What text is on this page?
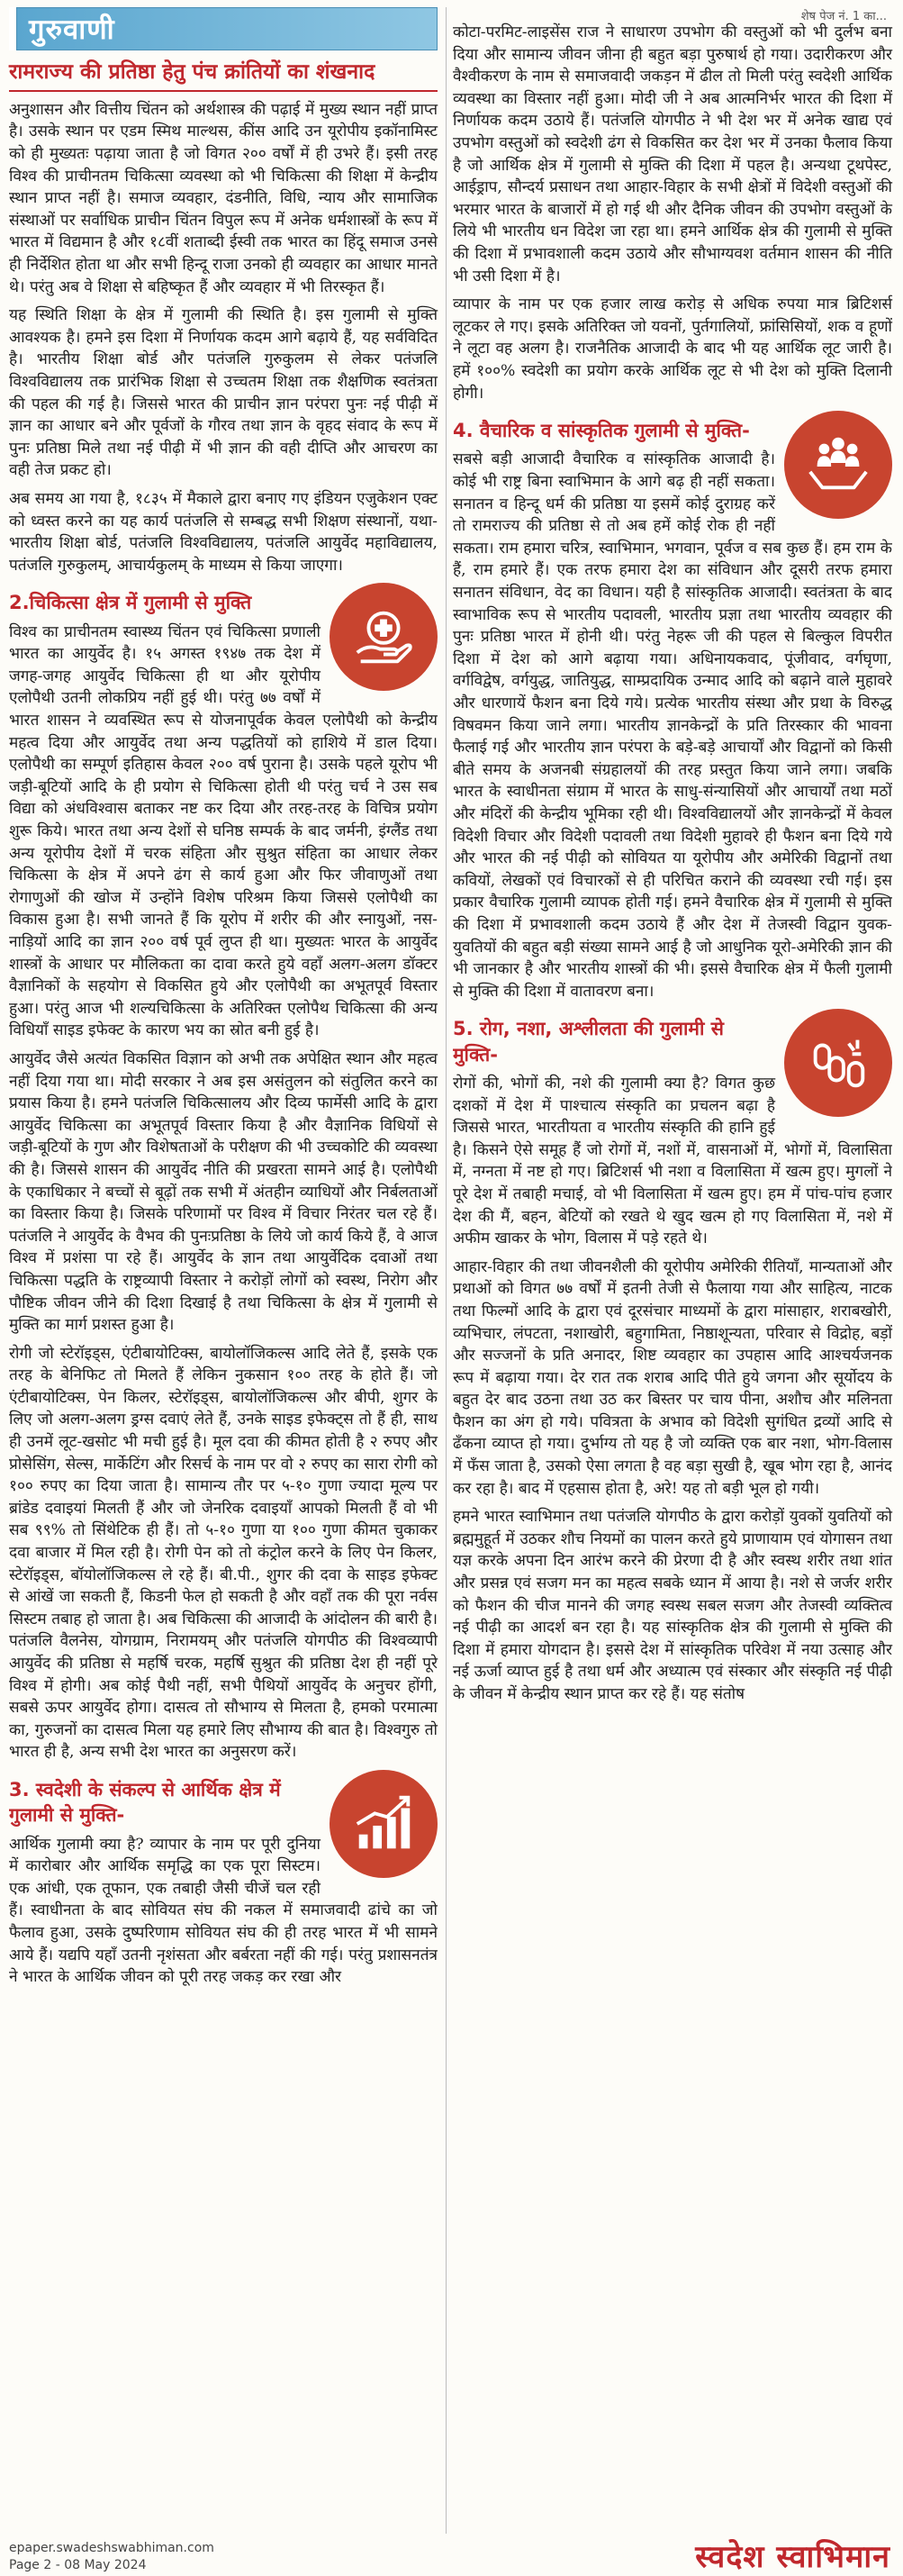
गुरुवाणी
रामराज्य की प्रतिष्ठा हेतु पंच क्रांतियों का शंखनाद

अनुशासन और वित्तीय चिंतन को अर्थशास्त्र की पढ़ाई में मुख्य स्थान नहीं प्राप्त है। उसके स्थान पर एडम स्मिथ माल्थस, कींस आदि उन यूरोपीय इकॉनामिस्ट को ही मुख्यतः पढ़ाया जाता है जो विगत २०० वर्षों में ही उभरे हैं। इसी तरह विश्व की प्राचीनतम चिकित्सा व्यवस्था को भी चिकित्सा की शिक्षा में केन्द्रीय स्थान प्राप्त नहीं है। समाज व्यवहार, दंडनीति, विधि, न्याय और सामाजिक संस्थाओं पर सर्वाधिक प्राचीन चिंतन विपुल रूप में अनेक धर्मशास्त्रों के रूप में भारत में विद्यमान है और १८वीं शताब्दी ईस्वी तक भारत का हिंदू समाज उनसे ही निर्देशित होता था और सभी हिन्दू राजा उनको ही व्यवहार का आधार मानते थे। परंतु अब वे शिक्षा से बहिष्कृत हैं और व्यवहार में भी तिरस्कृत हैं।

यह स्थिति शिक्षा के क्षेत्र में गुलामी की स्थिति है। इस गुलामी से मुक्ति आवश्यक है। हमने इस दिशा में निर्णायक कदम आगे बढ़ाये हैं, यह सर्वविदित है। भारतीय शिक्षा बोर्ड और पतंजलि गुरुकुलम से लेकर पतंजलि विश्वविद्यालय तक प्रारंभिक शिक्षा से उच्चतम शिक्षा तक शैक्षणिक स्वतंत्रता की पहल की गई है। जिससे भारत की प्राचीन ज्ञान परंपरा पुनः नई पीढ़ी में ज्ञान का आधार बने और पूर्वजों के गौरव तथा ज्ञान के वृहद संवाद के रूप में पुनः प्रतिष्ठा मिले तथा नई पीढ़ी में भी ज्ञान की वही दीप्ति और आचरण का वही तेज प्रकट हो।

अब समय आ गया है, १८३५ में मैकाले द्वारा बनाए गए इंडियन एजुकेशन एक्ट को ध्वस्त करने का यह कार्य पतंजलि से सम्बद्ध सभी शिक्षण संस्थानों, यथा- भारतीय शिक्षा बोर्ड, पतंजलि विश्वविद्यालय, पतंजलि आयुर्वेद महाविद्यालय, पतंजलि गुरुकुलम्, आचार्यकुलम् के माध्यम से किया जाएगा।

2.चिकित्सा क्षेत्र में गुलामी से मुक्ति

विश्व का प्राचीनतम स्वास्थ्य चिंतन एवं चिकित्सा प्रणाली भारत का आयुर्वेद है। १५ अगस्त १९४७ तक देश में जगह-जगह आयुर्वेद चिकित्सा ही था और यूरोपीय एलोपैथी उतनी लोकप्रिय नहीं हुई थी। परंतु ७७ वर्षों में भारत शासन ने व्यवस्थित रूप से योजनापूर्वक केवल एलोपैथी को केन्द्रीय महत्व दिया और आयुर्वेद तथा अन्य पद्धतियों को हाशिये में डाल दिया। एलोपैथी का सम्पूर्ण इतिहास केवल २०० वर्ष पुराना है। उसके पहले यूरोप भी जड़ी-बूटियों आदि के ही प्रयोग से चिकित्सा होती थी परंतु चर्च ने उस सब विद्या को अंधविश्वास बताकर नष्ट कर दिया और तरह-तरह के विचित्र प्रयोग शुरू किये। भारत तथा अन्य देशों से घनिष्ठ सम्पर्क के बाद जर्मनी, इंग्लैंड तथा अन्य यूरोपीय देशों में चरक संहिता और सुश्रुत संहिता का आधार लेकर चिकित्सा के क्षेत्र में अपने ढंग से कार्य हुआ और फिर जीवाणुओं तथा रोगाणुओं की खोज में उन्होंने विशेष परिश्रम किया जिससे एलोपैथी का विकास हुआ है। सभी जानते हैं कि यूरोप में शरीर की और स्नायुओं, नस-नाड़ियों आदि का ज्ञान २०० वर्ष पूर्व लुप्त ही था। मुख्यतः भारत के आयुर्वेद शास्त्रों के आधार पर मौलिकता का दावा करते हुये वहाँ अलग-अलग डॉक्टर वैज्ञानिकों के सहयोग से विकसित हुये और एलोपैथी का अभूतपूर्व विस्तार हुआ। परंतु आज भी शल्यचिकित्सा के अतिरिक्त एलोपैथ चिकित्सा की अन्य विधियाँ साइड इफेक्ट के कारण भय का स्रोत बनी हुई है।

आयुर्वेद जैसे अत्यंत विकसित विज्ञान को अभी तक अपेक्षित स्थान और महत्व नहीं दिया गया था। मोदी सरकार ने अब इस असंतुलन को संतुलित करने का प्रयास किया है। हमने पतंजलि चिकित्सालय और दिव्य फार्मेसी आदि के द्वारा आयुर्वेद चिकित्सा का अभूतपूर्व विस्तार किया है और वैज्ञानिक विधियों से जड़ी-बूटियों के गुण और विशेषताओं के परीक्षण की भी उच्चकोटि की व्यवस्था की है। जिससे शासन की आयुर्वेद नीति की प्रखरता सामने आई है। एलोपैथी के एकाधिकार ने बच्चों से बूढ़ों तक सभी में अंतहीन व्याधियों और निर्बलताओं का विस्तार किया है। जिसके परिणामों पर विश्व में विचार निरंतर चल रहे हैं। पतंजलि ने आयुर्वेद के वैभव की पुनःप्रतिष्ठा के लिये जो कार्य किये हैं, वे आज विश्व में प्रशंसा पा रहे हैं। आयुर्वेद के ज्ञान तथा आयुर्वेदिक दवाओं तथा चिकित्सा पद्धति के राष्ट्रव्यापी विस्तार ने करोड़ों लोगों को स्वस्थ, निरोग और पौष्टिक जीवन जीने की दिशा दिखाई है तथा चिकित्सा के क्षेत्र में गुलामी से मुक्ति का मार्ग प्रशस्त हुआ है।

रोगी जो स्टेरॉइड्स, एंटीबायोटिक्स, बायोलॉजिकल्स आदि लेते हैं, इसके एक तरह के बेनिफिट तो मिलते हैं लेकिन नुकसान १०० तरह के होते हैं। जो एंटीबायोटिक्स, पेन किलर, स्टेरॉइड्स, बायोलॉजिकल्स और बीपी, शुगर के लिए जो अलग-अलग ड्रग्स दवाएं लेते हैं, उनके साइड इफेक्ट्स तो हैं ही, साथ ही उनमें लूट-खसोट भी मची हुई है। मूल दवा की कीमत होती है २ रुपए और प्रोसेसिंग, सेल्स, मार्केटिंग और रिसर्च के नाम पर वो २ रुपए का सारा रोगी को १०० रुपए का दिया जाता है। सामान्य तौर पर ५-१० गुणा ज्यादा मूल्य पर ब्रांडेड दवाइयां मिलती हैं और जो जेनरिक दवाइयाँ आपको मिलती हैं वो भी सब ९९% तो सिंथेटिक ही हैं। तो ५-१० गुणा या १०० गुणा कीमत चुकाकर दवा बाजार में मिल रही है। रोगी पेन को तो कंट्रोल करने के लिए पेन किलर, स्टेरॉइड्स, बॉयोलॉजिकल्स ले रहे हैं। बी.पी., शुगर की दवा के साइड इफेक्ट से आंखें जा सकती हैं, किडनी फेल हो सकती है और वहाँ तक की पूरा नर्वस सिस्टम तबाह हो जाता है। अब चिकित्सा की आजादी के आंदोलन की बारी है। पतंजलि वैलनेस, योगग्राम, निरामयम् और पतंजलि योगपीठ की विश्वव्यापी आयुर्वेद की प्रतिष्ठा से महर्षि चरक, महर्षि सुश्रुत की प्रतिष्ठा देश ही नहीं पूरे विश्व में होगी। अब कोई पैथी नहीं, सभी पैथियों आयुर्वेद के अनुचर होंगी, सबसे ऊपर आयुर्वेद होगा। दासत्व तो सौभाग्य से मिलता है, हमको परमात्मा का, गुरुजनों का दासत्व मिला यह हमारे लिए सौभाग्य की बात है। विश्वगुरु तो भारत ही है, अन्य सभी देश भारत का अनुसरण करें।

3. स्वदेशी के संकल्प से आर्थिक क्षेत्र में गुलामी से मुक्ति-

आर्थिक गुलामी क्या है? व्यापार के नाम पर पूरी दुनिया में कारोबार और आर्थिक समृद्धि का एक पूरा सिस्टम। एक आंधी, एक तूफान, एक तबाही जैसी चीजें चल रही हैं। स्वाधीनता के बाद सोवियत संघ की नकल में समाजवादी ढांचे का जो फैलाव हुआ, उसके दुष्परिणाम सोवियत संघ की ही तरह भारत में भी सामने आये हैं। यद्यपि यहाँ उतनी नृशंसता और बर्बरता नहीं की गई। परंतु प्रशासनतंत्र ने भारत के आर्थिक जीवन को पूरी तरह जकड़ कर रखा और

शेष पेज नं. 1 का...

कोटा-परमिट-लाइसेंस राज ने साधारण उपभोग की वस्तुओं को भी दुर्लभ बना दिया और सामान्य जीवन जीना ही बहुत बड़ा पुरुषार्थ हो गया। उदारीकरण और वैश्वीकरण के नाम से समाजवादी जकड़न में ढील तो मिली परंतु स्वदेशी आर्थिक व्यवस्था का विस्तार नहीं हुआ। मोदी जी ने अब आत्मनिर्भर भारत की दिशा में निर्णायक कदम उठाये हैं। पतंजलि योगपीठ ने भी देश भर में अनेक खाद्य एवं उपभोग वस्तुओं को स्वदेशी ढंग से विकसित कर देश भर में उनका फैलाव किया है जो आर्थिक क्षेत्र में गुलामी से मुक्ति की दिशा में पहल है। अन्यथा टूथपेस्ट, आईड्राप, सौन्दर्य प्रसाधन तथा आहार-विहार के सभी क्षेत्रों में विदेशी वस्तुओं की भरमार भारत के बाजारों में हो गई थी और दैनिक जीवन की उपभोग वस्तुओं के लिये भी भारतीय धन विदेश जा रहा था। हमने आर्थिक क्षेत्र की गुलामी से मुक्ति की दिशा में प्रभावशाली कदम उठाये और सौभाग्यवश वर्तमान शासन की नीति भी उसी दिशा में है।

व्यापार के नाम पर एक हजार लाख करोड़ से अधिक रुपया मात्र ब्रिटिशर्स लूटकर ले गए। इसके अतिरिक्त जो यवनों, पुर्तगालियों, फ्रांसिसियों, शक व हूणों ने लूटा वह अलग है। राजनैतिक आजादी के बाद भी यह आर्थिक लूट जारी है। हमें १००% स्वदेशी का प्रयोग करके आर्थिक लूट से भी देश को मुक्ति दिलानी होगी।

4. वैचारिक व सांस्कृतिक गुलामी से मुक्ति-

सबसे बड़ी आजादी वैचारिक व सांस्कृतिक आजादी है। कोई भी राष्ट्र बिना स्वाभिमान के आगे बढ़ ही नहीं सकता। सनातन व हिन्दू धर्म की प्रतिष्ठा या इसमें कोई दुराग्रह करें तो रामराज्य की प्रतिष्ठा से तो अब हमें कोई रोक ही नहीं सकता। राम हमारा चरित्र, स्वाभिमान, भगवान, पूर्वज व सब कुछ हैं। हम राम के हैं, राम हमारे हैं। एक तरफ हमारा देश का संविधान और दूसरी तरफ हमारा सनातन संविधान, वेद का विधान। यही है सांस्कृतिक आजादी। स्वतंत्रता के बाद स्वाभाविक रूप से भारतीय पदावली, भारतीय प्रज्ञा तथा भारतीय व्यवहार की पुनः प्रतिष्ठा भारत में होनी थी। परंतु नेहरू जी की पहल से बिल्कुल विपरीत दिशा में देश को आगे बढ़ाया गया। अधिनायकवाद, पूंजीवाद, वर्गघृणा, वर्गविद्वेष, वर्गयुद्ध, जातियुद्ध, साम्प्रदायिक उन्माद आदि को बढ़ाने वाले मुहावरे और धारणायें फैशन बना दिये गये। प्रत्येक भारतीय संस्था और प्रथा के विरुद्ध विषवमन किया जाने लगा। भारतीय ज्ञानकेन्द्रों के प्रति तिरस्कार की भावना फैलाई गई और भारतीय ज्ञान परंपरा के बड़े-बड़े आचार्यों और विद्वानों को किसी बीते समय के अजनबी संग्रहालयों की तरह प्रस्तुत किया जाने लगा। जबकि भारत के स्वाधीनता संग्राम में भारत के साधु-संन्यासियों और आचार्यों तथा मठों और मंदिरों की केन्द्रीय भूमिका रही थी। विश्वविद्यालयों और ज्ञानकेन्द्रों में केवल विदेशी विचार और विदेशी पदावली तथा विदेशी मुहावरे ही फैशन बना दिये गये और भारत की नई पीढ़ी को सोवियत या यूरोपीय और अमेरिकी विद्वानों तथा कवियों, लेखकों एवं विचारकों से ही परिचित कराने की व्यवस्था रची गई। इस प्रकार वैचारिक गुलामी व्यापक होती गई। हमने वैचारिक क्षेत्र में गुलामी से मुक्ति की दिशा में प्रभावशाली कदम उठाये हैं और देश में तेजस्वी विद्वान युवक-युवतियों की बहुत बड़ी संख्या सामने आई है जो आधुनिक यूरो-अमेरिकी ज्ञान की भी जानकार है और भारतीय शास्त्रों की भी। इससे वैचारिक क्षेत्र में फैली गुलामी से मुक्ति की दिशा में वातावरण बना।

5. रोग, नशा, अश्लीलता की गुलामी से मुक्ति-

रोगों की, भोगों की, नशे की गुलामी क्या है? विगत कुछ दशकों में देश में पाश्चात्य संस्कृति का प्रचलन बढ़ा है जिससे भारत, भारतीयता व भारतीय संस्कृति की हानि हुई है। किसने ऐसे समूह हैं जो रोगों में, नशों में, वासनाओं में, भोगों में, विलासिता में, नग्नता में नष्ट हो गए। ब्रिटिशर्स भी नशा व विलासिता में खत्म हुए। मुगलों ने पूरे देश में तबाही मचाई, वो भी विलासिता में खत्म हुए। हम में पांच-पांच हजार देश की मैं, बहन, बेटियों को रखते थे खुद खत्म हो गए विलासिता में, नशे में अफीम खाकर के भोग, विलास में पड़े रहते थे।

आहार-विहार की तथा जीवनशैली की यूरोपीय अमेरिकी रीतियाँ, मान्यताओं और प्रथाओं को विगत ७७ वर्षों में इतनी तेजी से फैलाया गया और साहित्य, नाटक तथा फिल्मों आदि के द्वारा एवं दूरसंचार माध्यमों के द्वारा मांसाहार, शराबखोरी, व्यभिचार, लंपटता, नशाखोरी, बहुगामिता, निष्ठाशून्यता, परिवार से विद्रोह, बड़ों और सज्जनों के प्रति अनादर, शिष्ट व्यवहार का उपहास आदि आश्चर्यजनक रूप में बढ़ाया गया। देर रात तक शराब आदि पीते हुये जगना और सूर्योदय के बहुत देर बाद उठना तथा उठ कर बिस्तर पर चाय पीना, अशौच और मलिनता फैशन का अंग हो गये। पवित्रता के अभाव को विदेशी सुगंधित द्रव्यों आदि से ढँकना व्याप्त हो गया। दुर्भाग्य तो यह है जो व्यक्ति एक बार नशा, भोग-विलास में फँस जाता है, उसको ऐसा लगता है वह बड़ा सुखी है, खूब भोग रहा है, आनंद कर रहा है। बाद में एहसास होता है, अरे! यह तो बड़ी भूल हो गयी।

हमने भारत स्वाभिमान तथा पतंजलि योगपीठ के द्वारा करोड़ों युवकों युवतियों को ब्रह्ममुहूर्त में उठकर शौच नियमों का पालन करते हुये प्राणायाम एवं योगासन तथा यज्ञ करके अपना दिन आरंभ करने की प्रेरणा दी है और स्वस्थ शरीर तथा शांत और प्रसन्न एवं सजग मन का महत्व सबके ध्यान में आया है। नशे से जर्जर शरीर को फैशन की चीज मानने की जगह स्वस्थ सबल सजग और तेजस्वी व्यक्तित्व नई पीढ़ी का आदर्श बन रहा है। यह सांस्कृतिक क्षेत्र की गुलामी से मुक्ति की दिशा में हमारा योगदान है। इससे देश में सांस्कृतिक परिवेश में नया उत्साह और नई ऊर्जा व्याप्त हुई है तथा धर्म और अध्यात्म एवं संस्कार और संस्कृति नई पीढ़ी के जीवन में केन्द्रीय स्थान प्राप्त कर रहे हैं। यह संतोष

epaper.swadeshswabhiman.com
Page 2 - 08 May 2024	स्वदेश स्वाभिमान
